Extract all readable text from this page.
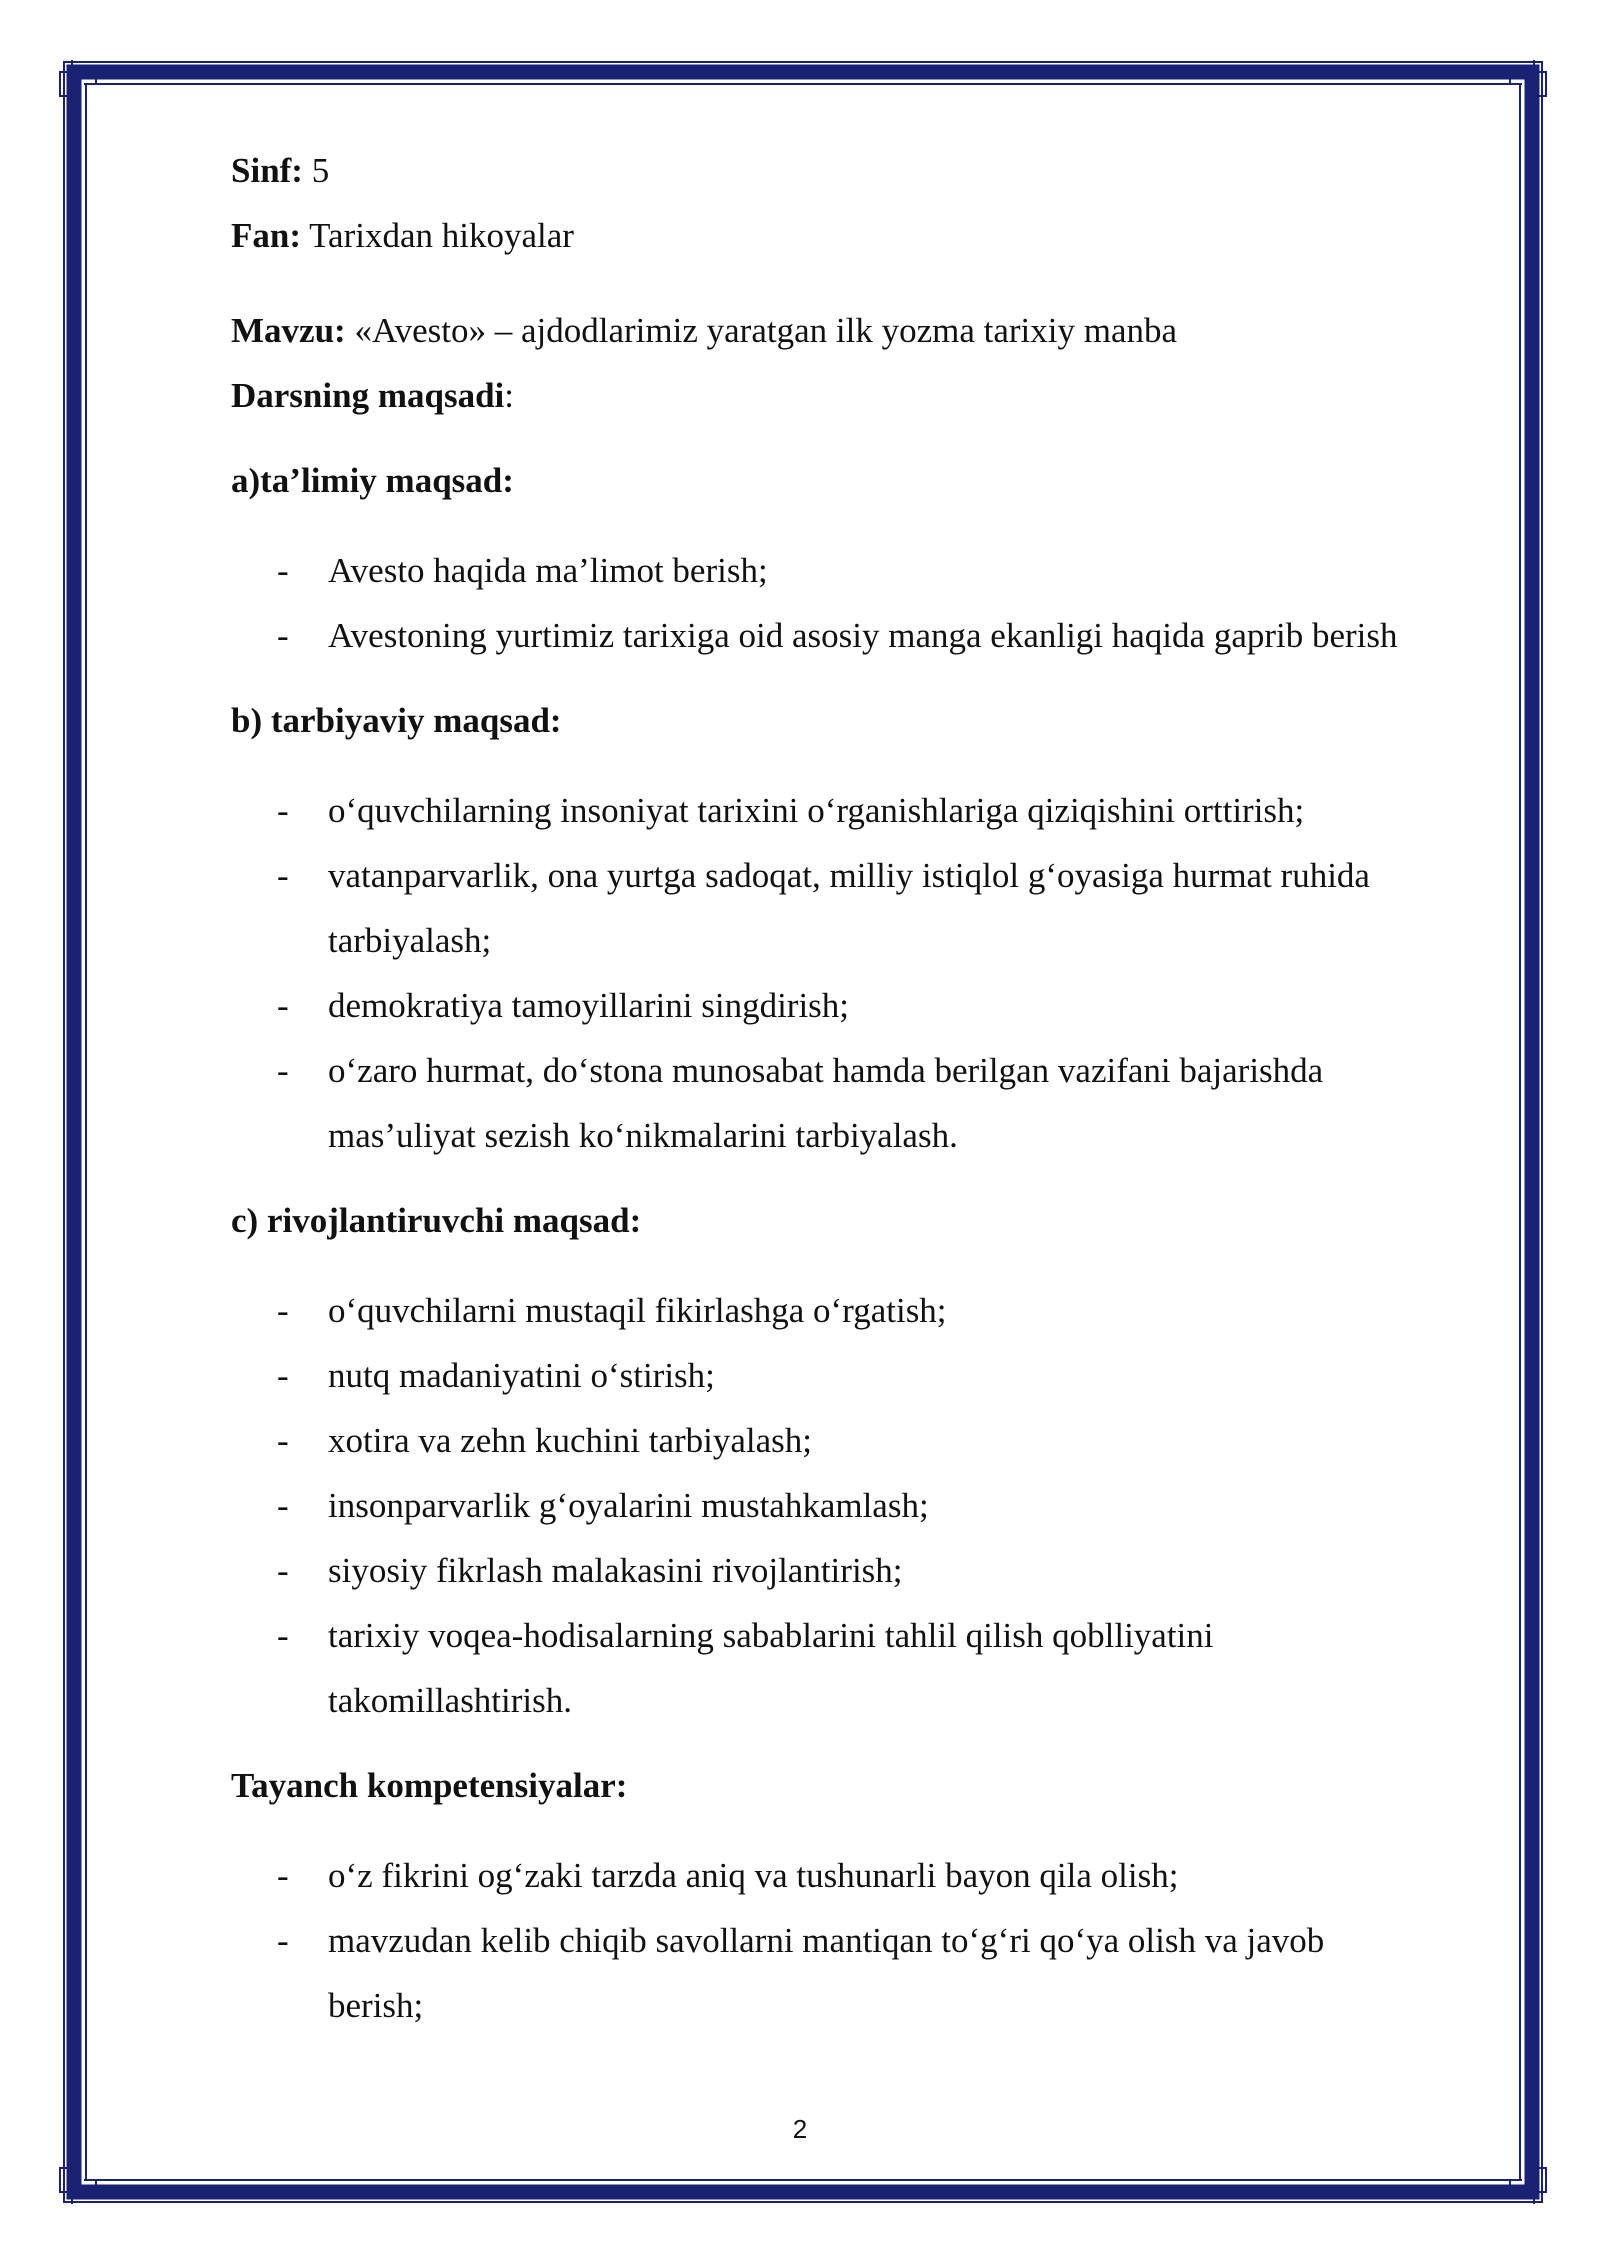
Sinf: 5
Fan: Tarixdan hikoyalar
Mavzu: «Avesto» – ajdodlarimiz yaratgan ilk yozma tarixiy manba
Darsning maqsadi:
a)ta’limiy maqsad:
- Avesto haqida ma’limot berish;
- Avestoning yurtimiz tarixiga oid asosiy manga ekanligi haqida gaprib berish
b) tarbiyaviy maqsad:
- o‘quvchilarning insoniyat tarixini o‘rganishlariga qiziqishini orttirish;
- vatanparvarlik, ona yurtga sadoqat, milliy istiqlol g‘oyasiga hurmat ruhida
tarbiyalash;
- demokratiya tamoyillarini singdirish;
- o‘zaro hurmat, do‘stona munosabat hamda berilgan vazifani bajarishda
mas’uliyat sezish ko‘nikmalarini tarbiyalash.
c) rivojlantiruvchi maqsad:
- o‘quvchilarni mustaqil fikirlashga o‘rgatish;
- nutq madaniyatini o‘stirish;
- xotira va zehn kuchini tarbiyalash;
- insonparvarlik g‘oyalarini mustahkamlash;
- siyosiy fikrlash malakasini rivojlantirish;
- tarixiy voqea-hodisalarning sabablarini tahlil qilish qoblliyatini
takomillashtirish.
Tayanch kompetensiyalar:
- o‘z fikrini og‘zaki tarzda aniq va tushunarli bayon qila olish;
- mavzudan kelib chiqib savollarni mantiqan to‘g‘ri qo‘ya olish va javob
berish;
2
